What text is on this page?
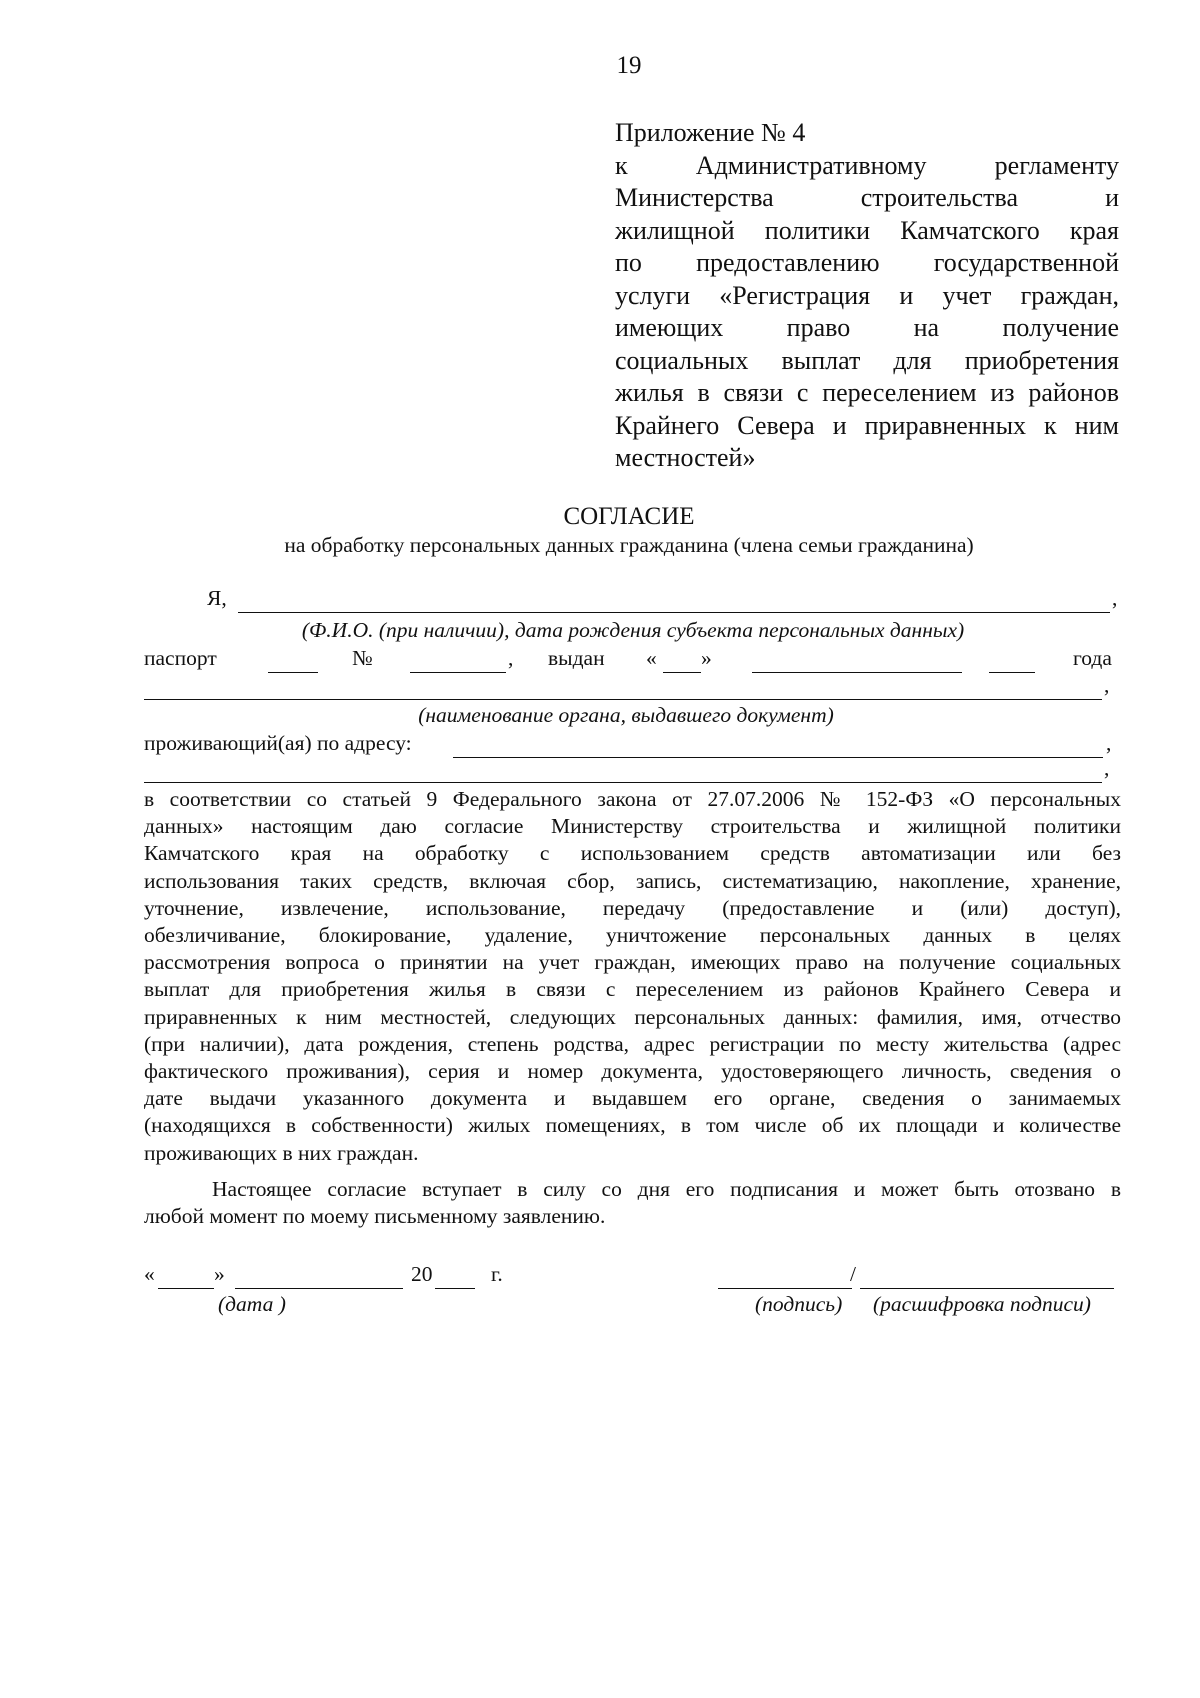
19
Приложение № 4
к Административному регламенту
Министерства строительства и
жилищной политики Камчатского края
по предоставлению государственной
услуги «Регистрация и учет граждан,
имеющих право на получение
социальных выплат для приобретения
жилья в связи с переселением из районов
Крайнего Севера и приравненных к ним
местностей»
СОГЛАСИЕ
на обработку персональных данных гражданина (члена семьи гражданина)
Я,	,
(Ф.И.О. (при наличии), дата рождения субъекта персональных данных)
паспорт	№	, выдан « »	года
,
(наименование органа, выдавшего документ)
проживающий(ая) по адресу:	,
,
в соответствии со статьей 9 Федерального закона от 27.07.2006 № 152-ФЗ «О персональных
данных» настоящим даю согласие Министерству строительства и жилищной политики
Камчатского края на обработку с использованием средств автоматизации или без
использования таких средств, включая сбор, запись, систематизацию, накопление, хранение,
уточнение, извлечение, использование, передачу (предоставление и (или) доступ),
обезличивание, блокирование, удаление, уничтожение персональных данных в целях
рассмотрения вопроса о принятии на учет граждан, имеющих право на получение социальных
выплат для приобретения жилья в связи с переселением из районов Крайнего Севера и
приравненных к ним местностей, следующих персональных данных: фамилия, имя, отчество
(при наличии), дата рождения, степень родства, адрес регистрации по месту жительства (адрес
фактического проживания), серия и номер документа, удостоверяющего личность, сведения о
дате выдачи указанного документа и выдавшем его органе, сведения о занимаемых
(находящихся в собственности) жилых помещениях, в том числе об их площади и количестве
проживающих в них граждан.
Настоящее согласие вступает в силу со дня его подписания и может быть отозвано в
любой момент по моему письменному заявлению.
«	»	20	г.
(дата )
/
(подпись) (расшифровка подписи)
